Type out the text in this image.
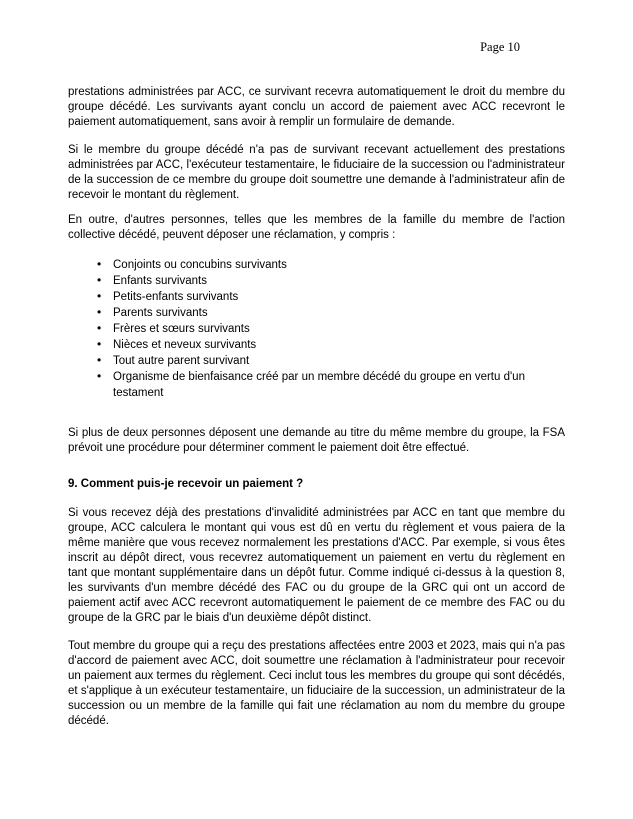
Page 10

prestations administrées par ACC, ce survivant recevra automatiquement le droit du membre du groupe décédé. Les survivants ayant conclu un accord de paiement avec ACC recevront le paiement automatiquement, sans avoir à remplir un formulaire de demande.

Si le membre du groupe décédé n'a pas de survivant recevant actuellement des prestations administrées par ACC, l'exécuteur testamentaire, le fiduciaire de la succession ou l'administrateur de la succession de ce membre du groupe doit soumettre une demande à l'administrateur afin de recevoir le montant du règlement.

En outre, d'autres personnes, telles que les membres de la famille du membre de l'action collective décédé, peuvent déposer une réclamation, y compris :

• Conjoints ou concubins survivants
• Enfants survivants
• Petits-enfants survivants
• Parents survivants
• Frères et sœurs survivants
• Nièces et neveux survivants
• Tout autre parent survivant
• Organisme de bienfaisance créé par un membre décédé du groupe en vertu d'un testament

Si plus de deux personnes déposent une demande au titre du même membre du groupe, la FSA prévoit une procédure pour déterminer comment le paiement doit être effectué.

9. Comment puis-je recevoir un paiement ?

Si vous recevez déjà des prestations d'invalidité administrées par ACC en tant que membre du groupe, ACC calculera le montant qui vous est dû en vertu du règlement et vous paiera de la même manière que vous recevez normalement les prestations d'ACC. Par exemple, si vous êtes inscrit au dépôt direct, vous recevrez automatiquement un paiement en vertu du règlement en tant que montant supplémentaire dans un dépôt futur. Comme indiqué ci-dessus à la question 8, les survivants d'un membre décédé des FAC ou du groupe de la GRC qui ont un accord de paiement actif avec ACC recevront automatiquement le paiement de ce membre des FAC ou du groupe de la GRC par le biais d'un deuxième dépôt distinct.

Tout membre du groupe qui a reçu des prestations affectées entre 2003 et 2023, mais qui n'a pas d'accord de paiement avec ACC, doit soumettre une réclamation à l'administrateur pour recevoir un paiement aux termes du règlement. Ceci inclut tous les membres du groupe qui sont décédés, et s'applique à un exécuteur testamentaire, un fiduciaire de la succession, un administrateur de la succession ou un membre de la famille qui fait une réclamation au nom du membre du groupe décédé.
